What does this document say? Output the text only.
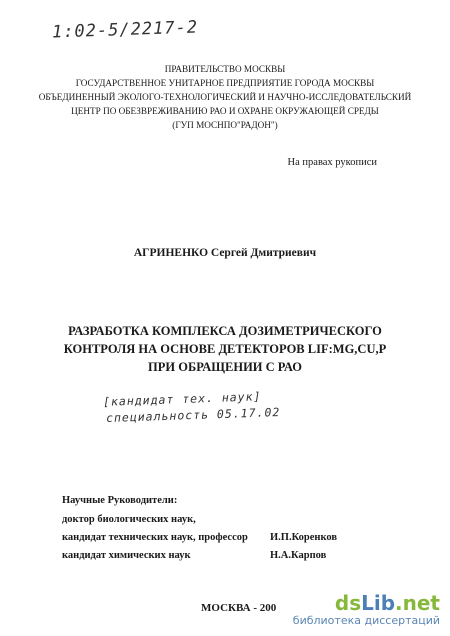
1:02-5/2217-2
ПРАВИТЕЛЬСТВО МОСКВЫ
ГОСУДАРСТВЕННОЕ УНИТАРНОЕ ПРЕДПРИЯТИЕ ГОРОДА МОСКВЫ
ОБЪЕДИНЕННЫЙ ЭКОЛОГО-ТЕХНОЛОГИЧЕСКИЙ И НАУЧНО-ИССЛЕДОВАТЕЛЬСКИЙ
ЦЕНТР ПО ОБЕЗВРЕЖИВАНИЮ РАО И ОХРАНЕ ОКРУЖАЮЩЕЙ СРЕДЫ
(ГУП МОСНПО"РАДОН")
На правах рукописи
АГРИНЕНКО Сергей Дмитриевич
РАЗРАБОТКА КОМПЛЕКСА ДОЗИМЕТРИЧЕСКОГО
КОНТРОЛЯ НА ОСНОВЕ ДЕТЕКТОРОВ LIF:MG,CU,P
ПРИ ОБРАЩЕНИИ С РАО
[кандидат тех. наук]
специальность 05.17.02
Научные Руководители:
доктор биологических наук,
кандидат технических наук, профессор
кандидат химических наук
И.П.Коренков
Н.А.Карпов
МОСКВА - 200	ds Lib .net
библиотека диссертаций
